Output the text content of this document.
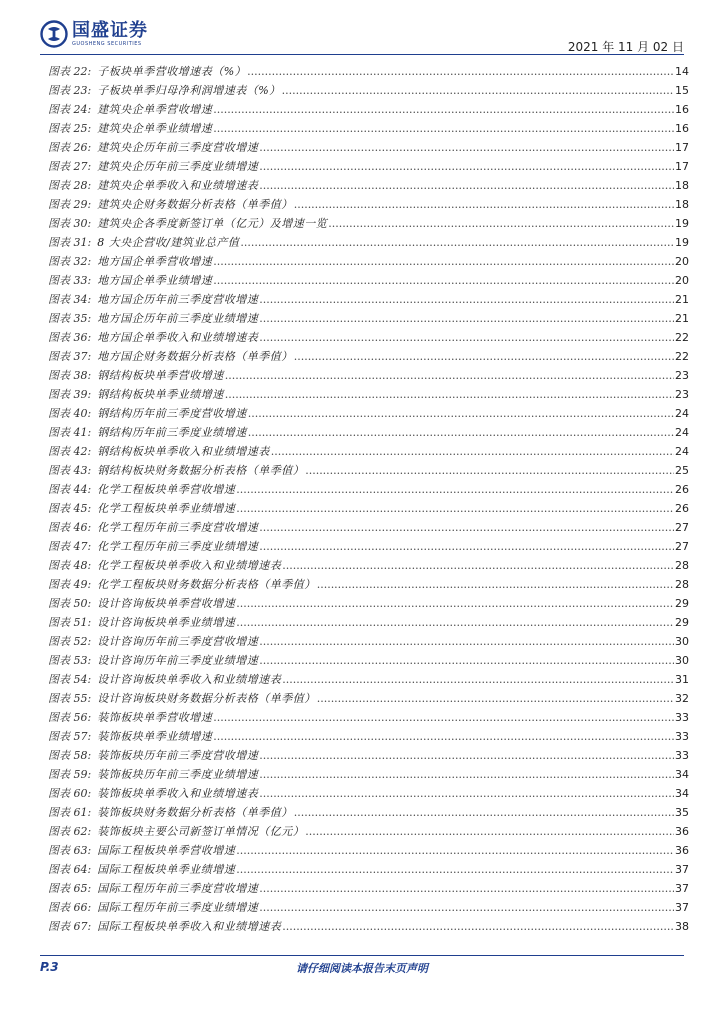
国盛证券
GUOSHENG SECURITIES	2021 年 11 月 02 日
图表 22: 子板块单季营收增速表（%） .....	14
图表 23: 子板块单季归母净利润增速表（%） .....	15
图表 24: 建筑央企单季营收增速 .....	16
图表 25: 建筑央企单季业绩增速 .....	16
图表 26: 建筑央企历年前三季度营收增速 .....	17
图表 27: 建筑央企历年前三季度业绩增速 .....	17
图表 28: 建筑央企单季收入和业绩增速表 .....	18
图表 29: 建筑央企财务数据分析表格（单季值） .....	18
图表 30: 建筑央企各季度新签订单（亿元）及增速一览 .....	19
图表 31: 8 大央企营收/建筑业总产值 .....	19
图表 32: 地方国企单季营收增速 .....	20
图表 33: 地方国企单季业绩增速 .....	20
图表 34: 地方国企历年前三季度营收增速 .....	21
图表 35: 地方国企历年前三季度业绩增速 .....	21
图表 36: 地方国企单季收入和业绩增速表 .....	22
图表 37: 地方国企财务数据分析表格（单季值） .....	22
图表 38: 钢结构板块单季营收增速 .....	23
图表 39: 钢结构板块单季业绩增速 .....	23
图表 40: 钢结构历年前三季度营收增速 .....	24
图表 41: 钢结构历年前三季度业绩增速 .....	24
图表 42: 钢结构板块单季收入和业绩增速表 .....	24
图表 43: 钢结构板块财务数据分析表格（单季值） .....	25
图表 44: 化学工程板块单季营收增速 .....	26
图表 45: 化学工程板块单季业绩增速 .....	26
图表 46: 化学工程历年前三季度营收增速 .....	27
图表 47: 化学工程历年前三季度业绩增速 .....	27
图表 48: 化学工程板块单季收入和业绩增速表 .....	28
图表 49: 化学工程板块财务数据分析表格（单季值） .....	28
图表 50: 设计咨询板块单季营收增速 .....	29
图表 51: 设计咨询板块单季业绩增速 .....	29
图表 52: 设计咨询历年前三季度营收增速 .....	30
图表 53: 设计咨询历年前三季度业绩增速 .....	30
图表 54: 设计咨询板块单季收入和业绩增速表 .....	31
图表 55: 设计咨询板块财务数据分析表格（单季值） .....	32
图表 56: 装饰板块单季营收增速 .....	33
图表 57: 装饰板块单季业绩增速 .....	33
图表 58: 装饰板块历年前三季度营收增速 .....	33
图表 59: 装饰板块历年前三季度业绩增速 .....	34
图表 60: 装饰板块单季收入和业绩增速表 .....	34
图表 61: 装饰板块财务数据分析表格（单季值） .....	35
图表 62: 装饰板块主要公司新签订单情况（亿元） .....	36
图表 63: 国际工程板块单季营收增速 .....	36
图表 64: 国际工程板块单季业绩增速 .....	37
图表 65: 国际工程历年前三季度营收增速 .....	37
图表 66: 国际工程历年前三季度业绩增速 .....	37
图表 67: 国际工程板块单季收入和业绩增速表 .....	38
P.3	请仔细阅读本报告末页声明
